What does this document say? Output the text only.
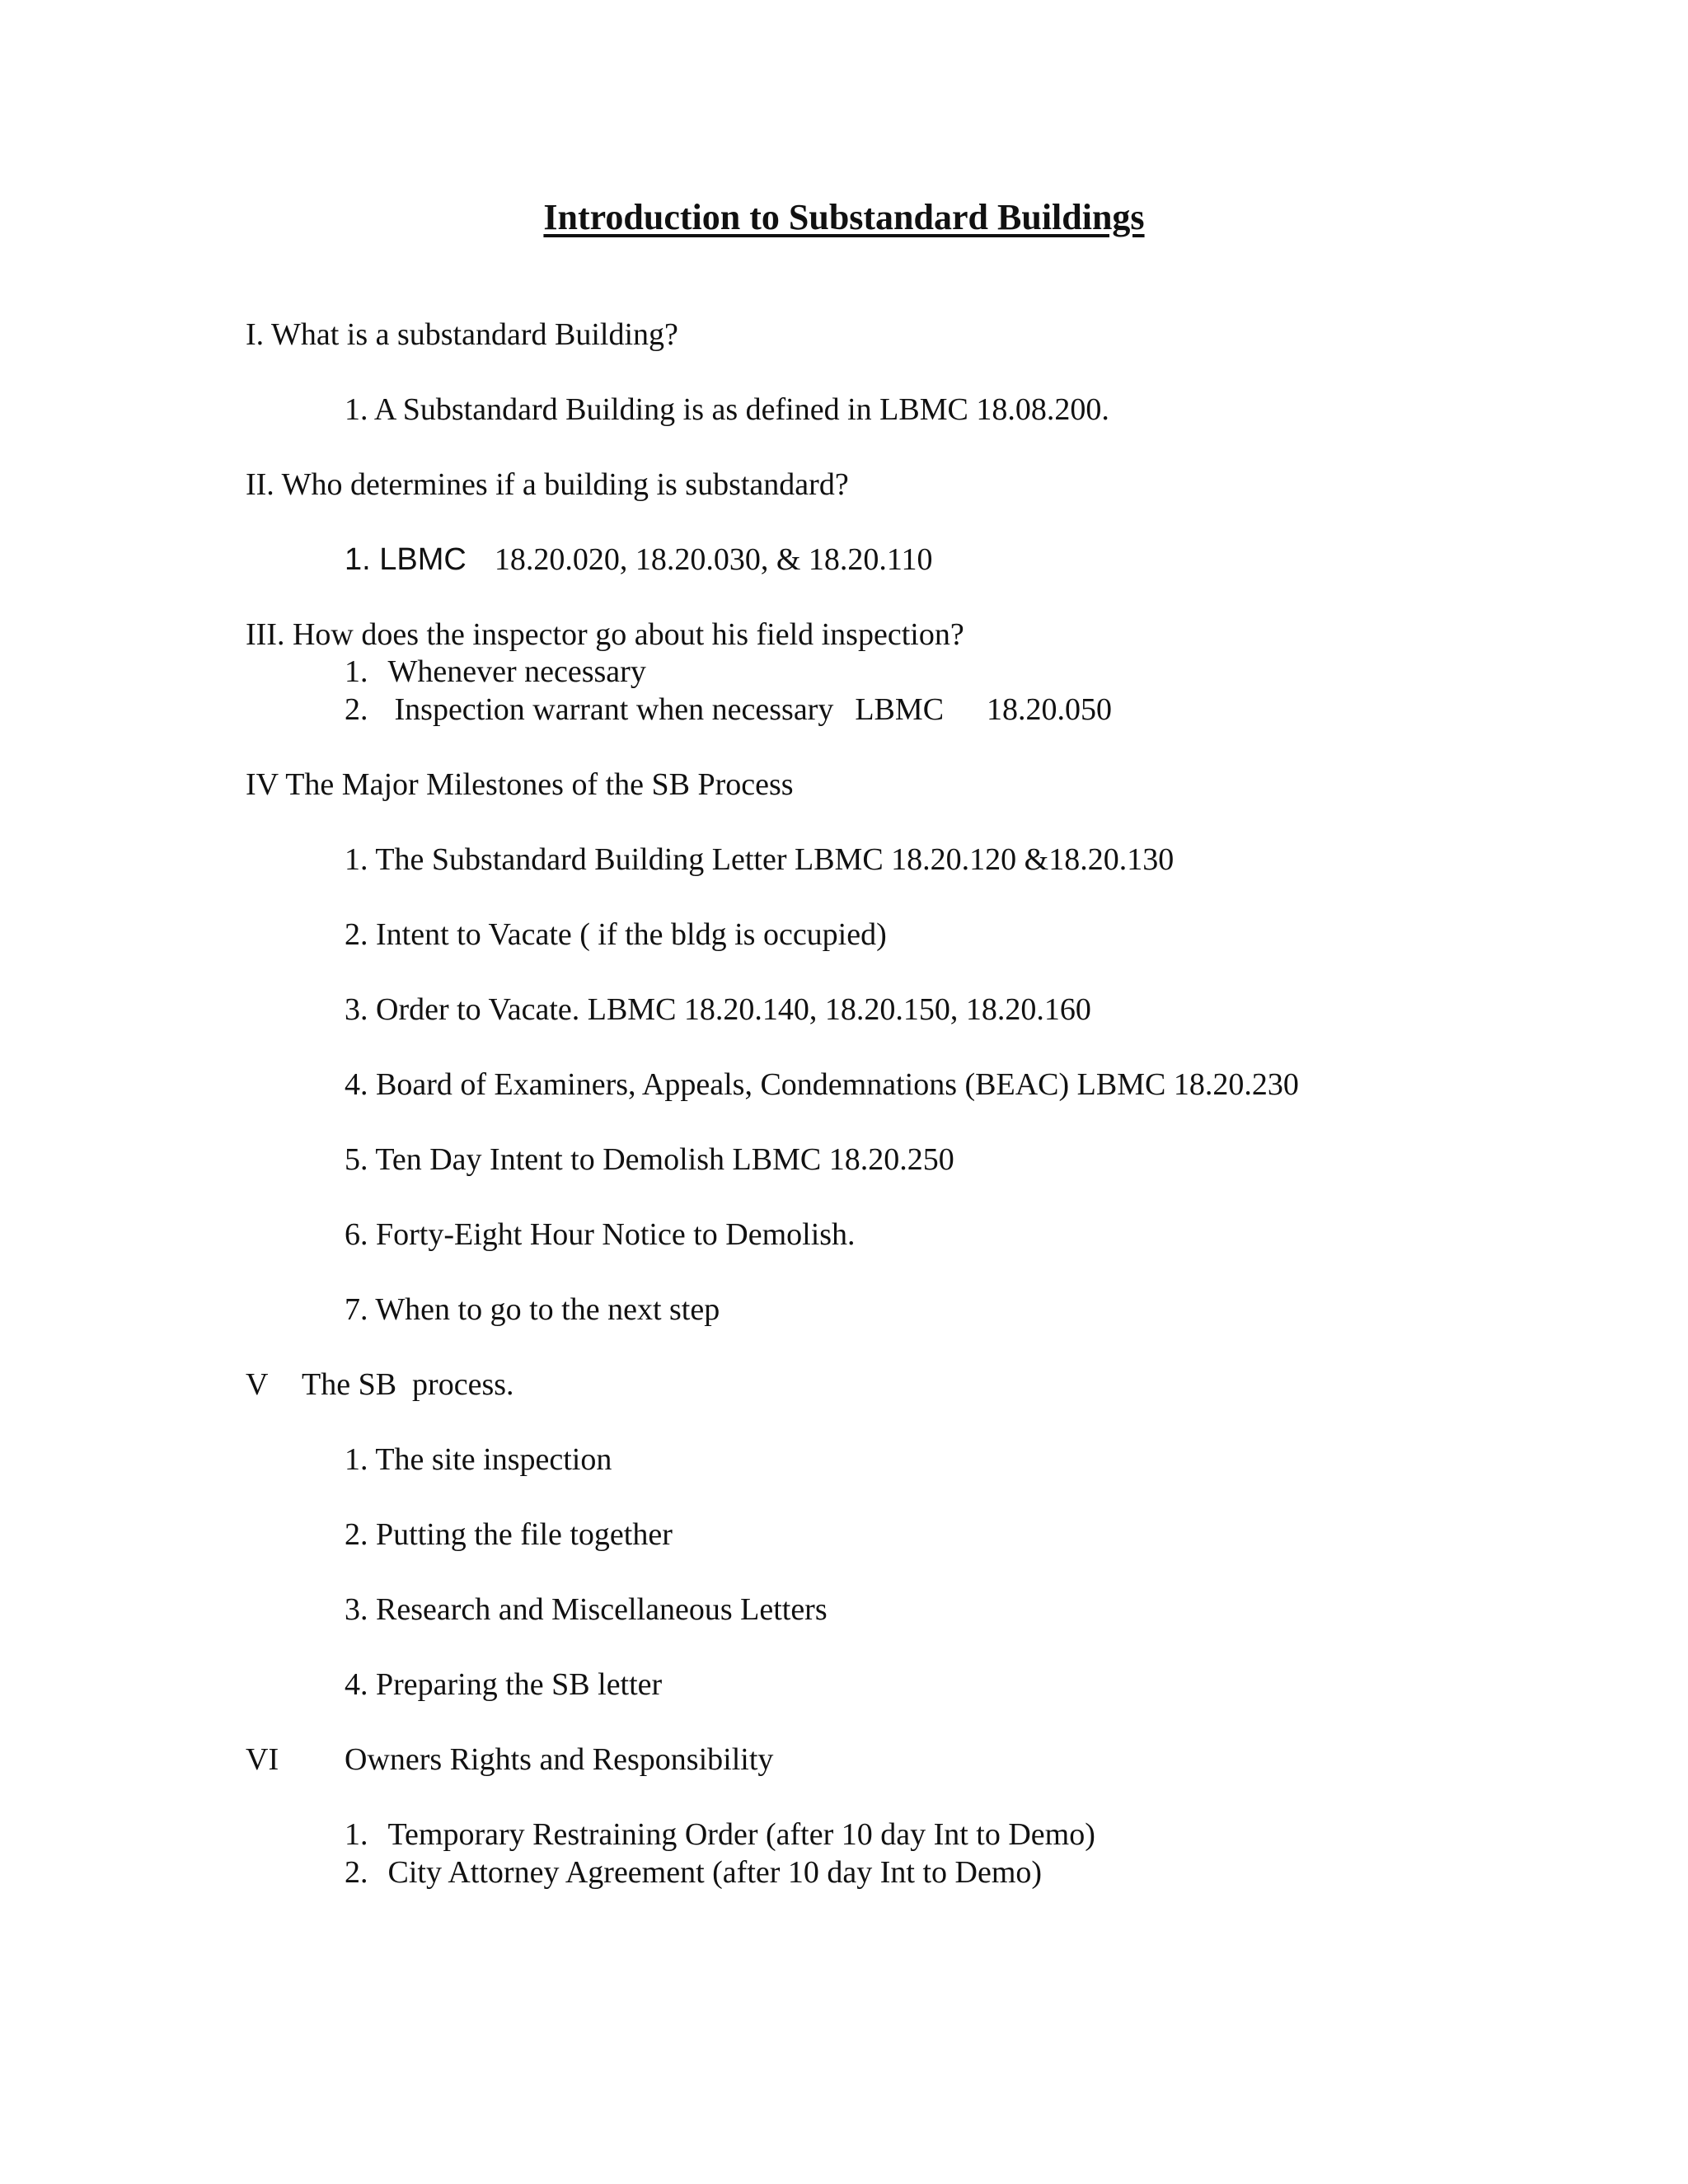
Introduction to Substandard Buildings
I. What is a substandard Building?
1. A Substandard Building is as defined in LBMC 18.08.200.
II. Who determines if a building is substandard?
1. LBMC 18.20.020, 18.20.030, & 18.20.110
III. How does the inspector go about his field inspection?
1. Whenever necessary
2. Inspection warrant when necessary LBMC 18.20.050
IV The Major Milestones of the SB Process
1. The Substandard Building Letter LBMC 18.20.120 &18.20.130
2. Intent to Vacate ( if the bldg is occupied)
3. Order to Vacate. LBMC 18.20.140, 18.20.150, 18.20.160
4. Board of Examiners, Appeals, Condemnations (BEAC) LBMC 18.20.230
5. Ten Day Intent to Demolish LBMC 18.20.250
6. Forty-Eight Hour Notice to Demolish.
7. When to go to the next step
V The SB  process.
1. The site inspection
2. Putting the file together
3. Research and Miscellaneous Letters
4. Preparing the SB letter
VI Owners Rights and Responsibility
1. Temporary Restraining Order (after 10 day Int to Demo)
2. City Attorney Agreement (after 10 day Int to Demo)
